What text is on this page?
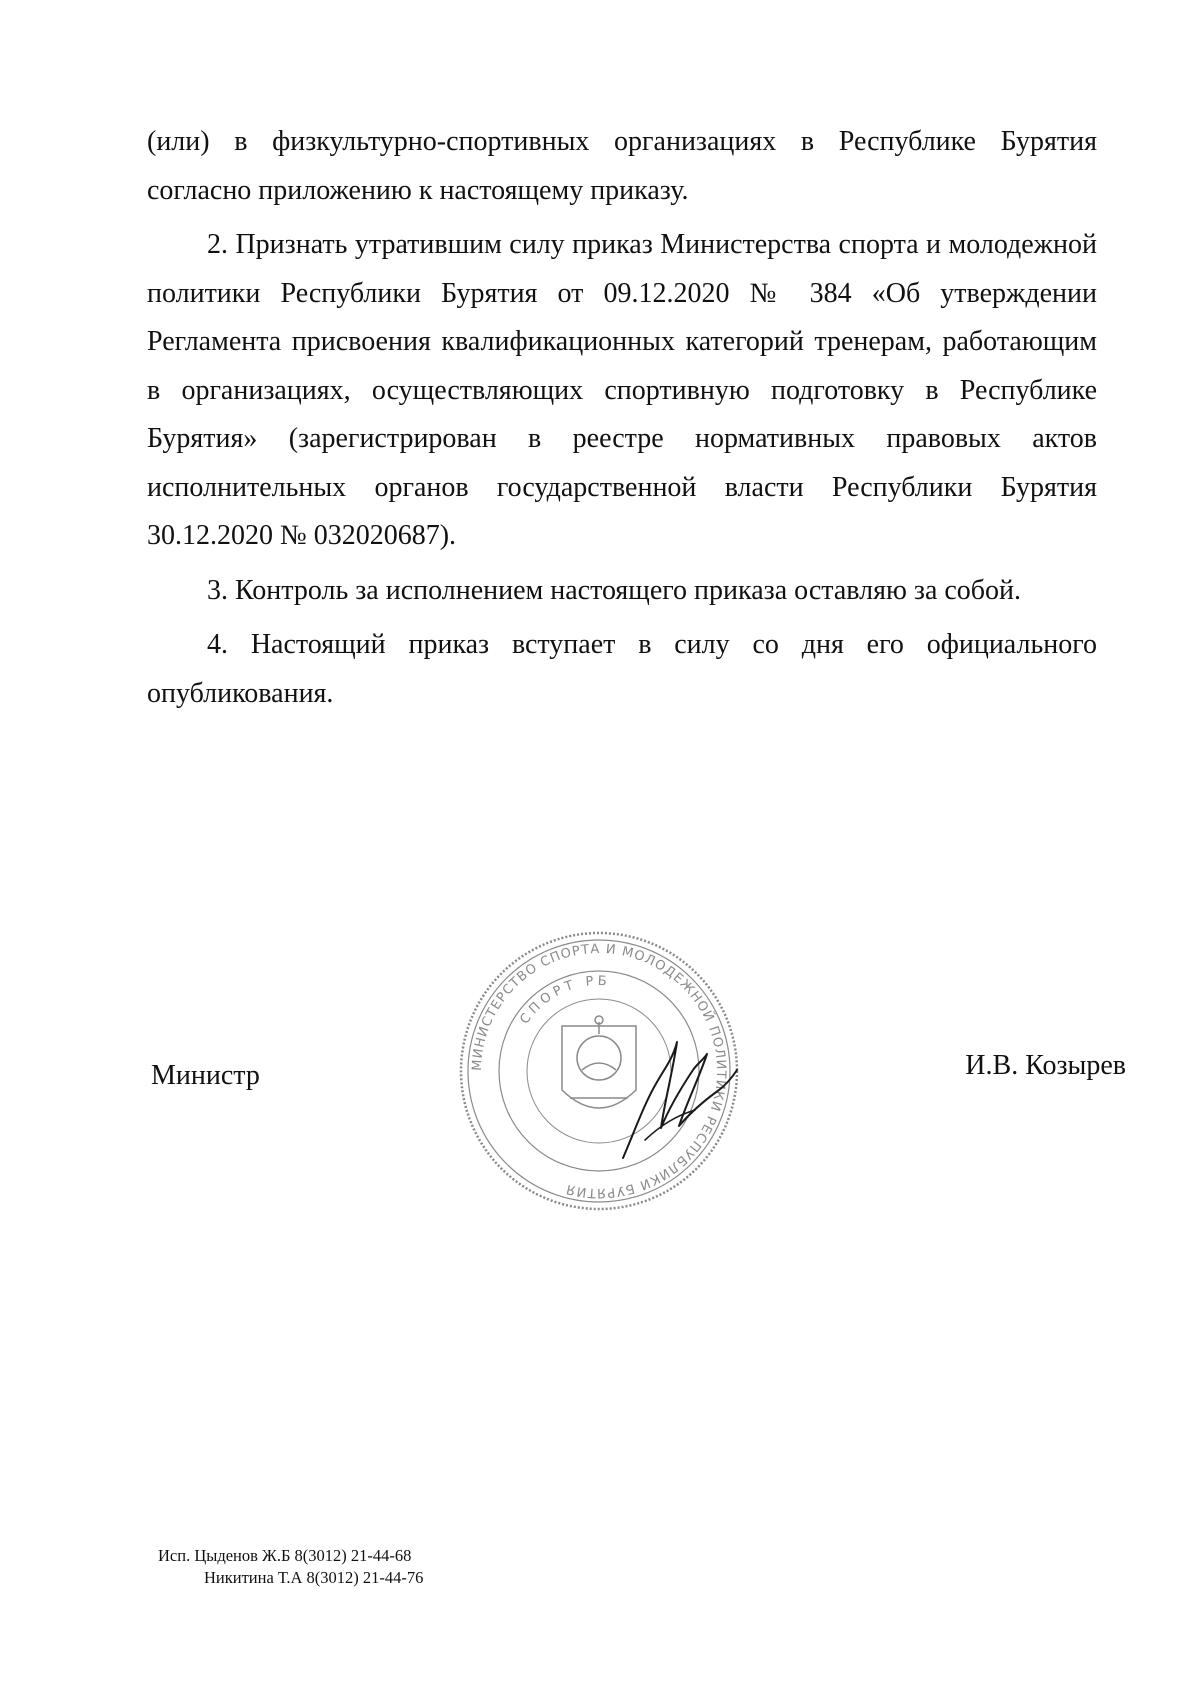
(или) в физкультурно-спортивных организациях в Республике Бурятия согласно приложению к настоящему приказу.

2. Признать утратившим силу приказ Министерства спорта и молодежной политики Республики Бурятия от 09.12.2020 № 384 «Об утверждении Регламента присвоения квалификационных категорий тренерам, работающим в организациях, осуществляющих спортивную подготовку в Республике Бурятия» (зарегистрирован в реестре нормативных правовых актов исполнительных органов государственной власти Республики Бурятия 30.12.2020 № 032020687).

3. Контроль за исполнением настоящего приказа оставляю за собой.

4. Настоящий приказ вступает в силу со дня его официального опубликования.

Министр	МИНИСТЕРСТВО СПОРТА И МОЛОДЕЖНОЙ ПОЛИТИКИ РЕСПУБЛИКИ БУРЯТИЯ
СПОРТ РБ
И.В. Козырев
Исп. Цыденов Ж.Б 8(3012) 21-44-68
Никитина Т.А 8(3012) 21-44-76
